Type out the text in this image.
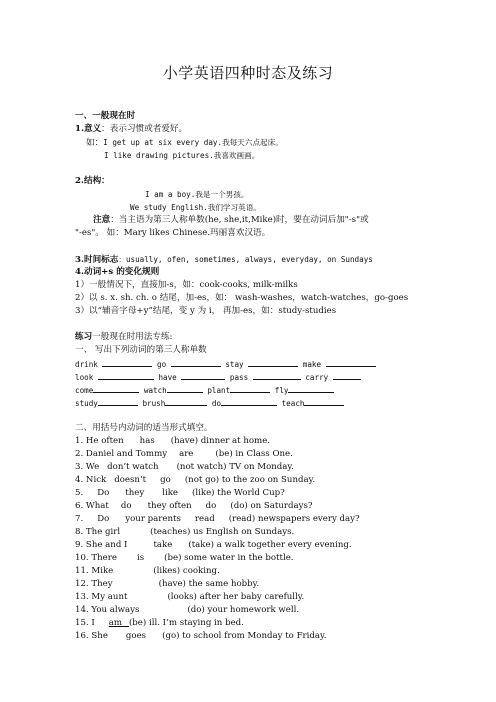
小学英语四种时态及练习
一、一般现在时
1.意义：表示习惯或者爱好。
如：I get up at six every day.我每天六点起床。
I like drawing pictures.我喜欢画画。
2.结构：
I am a boy.我是一个男孩。
We study English.我们学习英语。
注意：当主语为第三人称单数(he, she,it,Mike)时，要在动词后加"-s"或
"-es"。 如：Mary likes Chinese.玛丽喜欢汉语。
3.时间标志：usually, ofen, sometimes, always, everyday, on Sundays
4.动词+s 的变化规则
1）一般情况下，直接加-s，如：cook-cooks, milk-milks
2）以 s. x. sh. ch. o 结尾，加-es，如： wash-washes，watch-watches，go-goes
3）以“辅音字母+y”结尾，变 y 为 i， 再加-es，如：study-studies
练习一般现在时用法专练:
一、 写出下列动词的第三人称单数
drink	go	stay	make
look	have	pass	carry
come	watch	plant	fly
study	brush	do	teach
二、用括号内动词的适当形式填空。
1. He often has (have) dinner at home.
2. Daniel and Tommy are	(be) in Class One.
3. We don’t watch (not watch) TV on Monday.
4. Nick doesn’t go (not go) to the zoo on Sunday.
5. Do they like (like) the World Cup?
6. What do they often do (do) on Saturdays?
7. Do your parents read (read) newspapers every day?
8. The girl	(teaches) us English on Sundays.
9. She and I	take (take) a walk together every evening.
10. There is (be) some water in the bottle.
11. Mike	(likes) cooking.
12. They	(have) the same hobby.
13. My aunt	(looks) after her baby carefully.
14. You always	(do) your homework well.
15. I am     (be) ill. I’m staying in bed.
16. She goes (go) to school from Monday to Friday.
